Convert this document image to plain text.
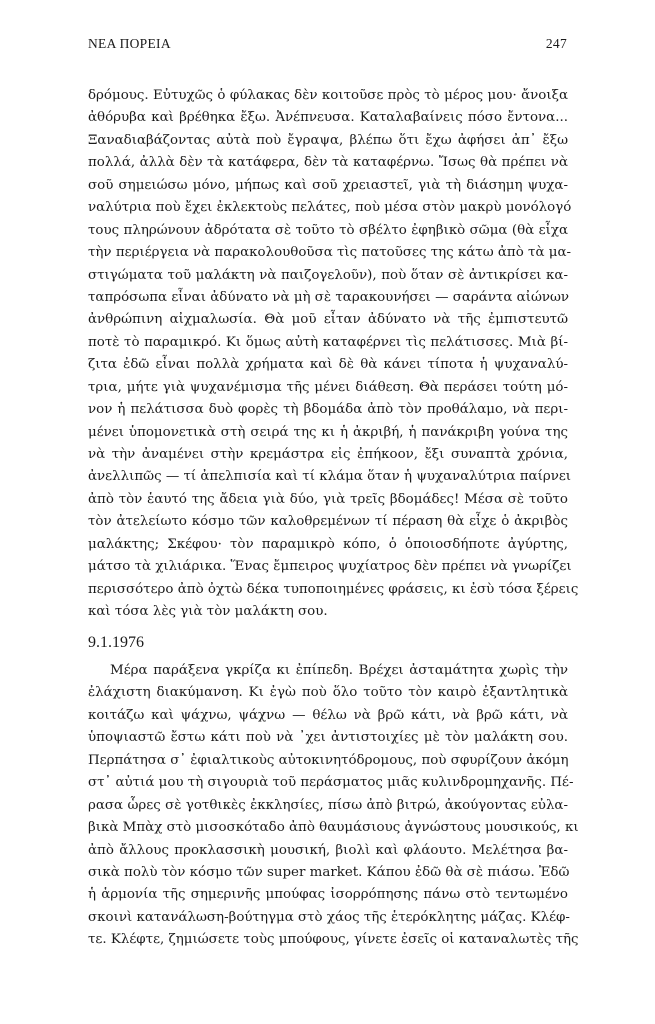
ΝΕΑ ΠΟΡΕΙΑ	247
δρόμους. Εὐτυχῶς ὁ φύλακας δὲν κοιτοῦσε πρὸς τὸ μέρος μου· ἄνοιξα
ἀθόρυβα καὶ βρέθηκα ἔξω. Ἀνέπνευσα. Καταλαβαίνεις πόσο ἔντονα...
Ξαναδιαβάζοντας αὐτὰ ποὺ ἔγραψα, βλέπω ὅτι ἔχω ἀφήσει ἀπ᾿ ἔξω
πολλά, ἀλλὰ δὲν τὰ κατάφερα, δὲν τὰ καταφέρνω. Ἴσως θὰ πρέπει νὰ
σοῦ σημειώσω μόνο, μήπως καὶ σοῦ χρειαστεῖ, γιὰ τὴ διάσημη ψυχα-
ναλύτρια ποὺ ἔχει ἐκλεκτοὺς πελάτες, ποὺ μέσα στὸν μακρὺ μονόλογό
τους πληρώνουν ἀδρότατα σὲ τοῦτο τὸ σβέλτο ἐφηβικὸ σῶμα (θὰ εἶχα
τὴν περιέργεια νὰ παρακολουθοῦσα τὶς πατοῦσες της κάτω ἀπὸ τὰ μα-
στιγώματα τοῦ μαλάκτη νὰ παιζογελοῦν), ποὺ ὅταν σὲ ἀντικρίσει κα-
ταπρόσωπα εἶναι ἀδύνατο νὰ μὴ σὲ ταρακουνήσει — σαράντα αἰώνων
ἀνθρώπινη αἰχμαλωσία. Θὰ μοῦ εἶταν ἀδύνατο νὰ τῆς ἐμπιστευτῶ
ποτὲ τὸ παραμικρό. Κι ὅμως αὐτὴ καταφέρνει τὶς πελάτισσες. Μιὰ βί-
ζιτα ἐδῶ εἶναι πολλὰ χρήματα καὶ δὲ θὰ κάνει τίποτα ἡ ψυχαναλύ-
τρια, μήτε γιὰ ψυχανέμισμα τῆς μένει διάθεση. Θὰ περάσει τούτη μό-
νον ἡ πελάτισσα δυὸ φορὲς τὴ βδομάδα ἀπὸ τὸν προθάλαμο, νὰ περι-
μένει ὑπομονετικὰ στὴ σειρά της κι ἡ ἀκριβή, ἡ πανάκριβη γούνα της
νὰ τὴν ἀναμένει στὴν κρεμάστρα εἰς ἐπήκοον, ἔξι συναπτὰ χρόνια,
ἀνελλιπῶς — τί ἀπελπισία καὶ τί κλάμα ὅταν ἡ ψυχαναλύτρια παίρνει
ἀπὸ τὸν ἑαυτό της ἄδεια γιὰ δύο, γιὰ τρεῖς βδομάδες! Μέσα σὲ τοῦτο
τὸν ἀτελείωτο κόσμο τῶν καλοθρεμένων τί πέραση θὰ εἶχε ὁ ἀκριβὸς
μαλάκτης; Σκέφου· τὸν παραμικρὸ κόπο, ὁ ὁποιοσδήποτε ἀγύρτης,
μάτσο τὰ χιλιάρικα. Ἕνας ἔμπειρος ψυχίατρος δὲν πρέπει νὰ γνωρίζει
περισσότερο ἀπὸ ὀχτὼ δέκα τυποποιημένες φράσεις, κι ἐσὺ τόσα ξέρεις
καὶ τόσα λὲς γιὰ τὸν μαλάκτη σου.
9.1.1976
Μέρα παράξενα γκρίζα κι ἐπίπεδη. Βρέχει ἀσταμάτητα χωρὶς τὴν
ἐλάχιστη διακύμανση. Κι ἐγὼ ποὺ ὅλο τοῦτο τὸν καιρὸ ἐξαντλητικὰ
κοιτάζω καὶ ψάχνω, ψάχνω — θέλω νὰ βρῶ κάτι, νὰ βρῶ κάτι, νὰ
ὑποψιαστῶ ἔστω κάτι ποὺ νὰ ᾿χει ἀντιστοιχίες μὲ τὸν μαλάκτη σου.
Περπάτησα σ᾿ ἐφιαλτικοὺς αὐτοκινητόδρομους, ποὺ σφυρίζουν ἀκόμη
στ᾿ αὐτιά μου τὴ σιγουριὰ τοῦ περάσματος μιᾶς κυλινδρομηχανῆς. Πέ-
ρασα ὧρες σὲ γοτθικὲς ἐκκλησίες, πίσω ἀπὸ βιτρώ, ἀκούγοντας εὐλα-
βικὰ Μπὰχ στὸ μισοσκόταδο ἀπὸ θαυμάσιους ἀγνώστους μουσικούς, κι
ἀπὸ ἄλλους προκλασσικὴ μουσική, βιολὶ καὶ φλάουτο. Μελέτησα βα-
σικὰ πολὺ τὸν κόσμο τῶν super market. Κάπου ἐδῶ θὰ σὲ πιάσω. Ἐδῶ
ἡ ἁρμονία τῆς σημερινῆς μπούφας ἰσορρόπησης πάνω στὸ τεντωμένο
σκοινὶ κατανάλωση-βούτηγμα στὸ χάος τῆς ἑτερόκλητης μάζας. Κλέφ-
τε. Κλέφτε, ζημιώσετε τοὺς μπούφους, γίνετε ἐσεῖς οἱ καταναλωτὲς τῆς
